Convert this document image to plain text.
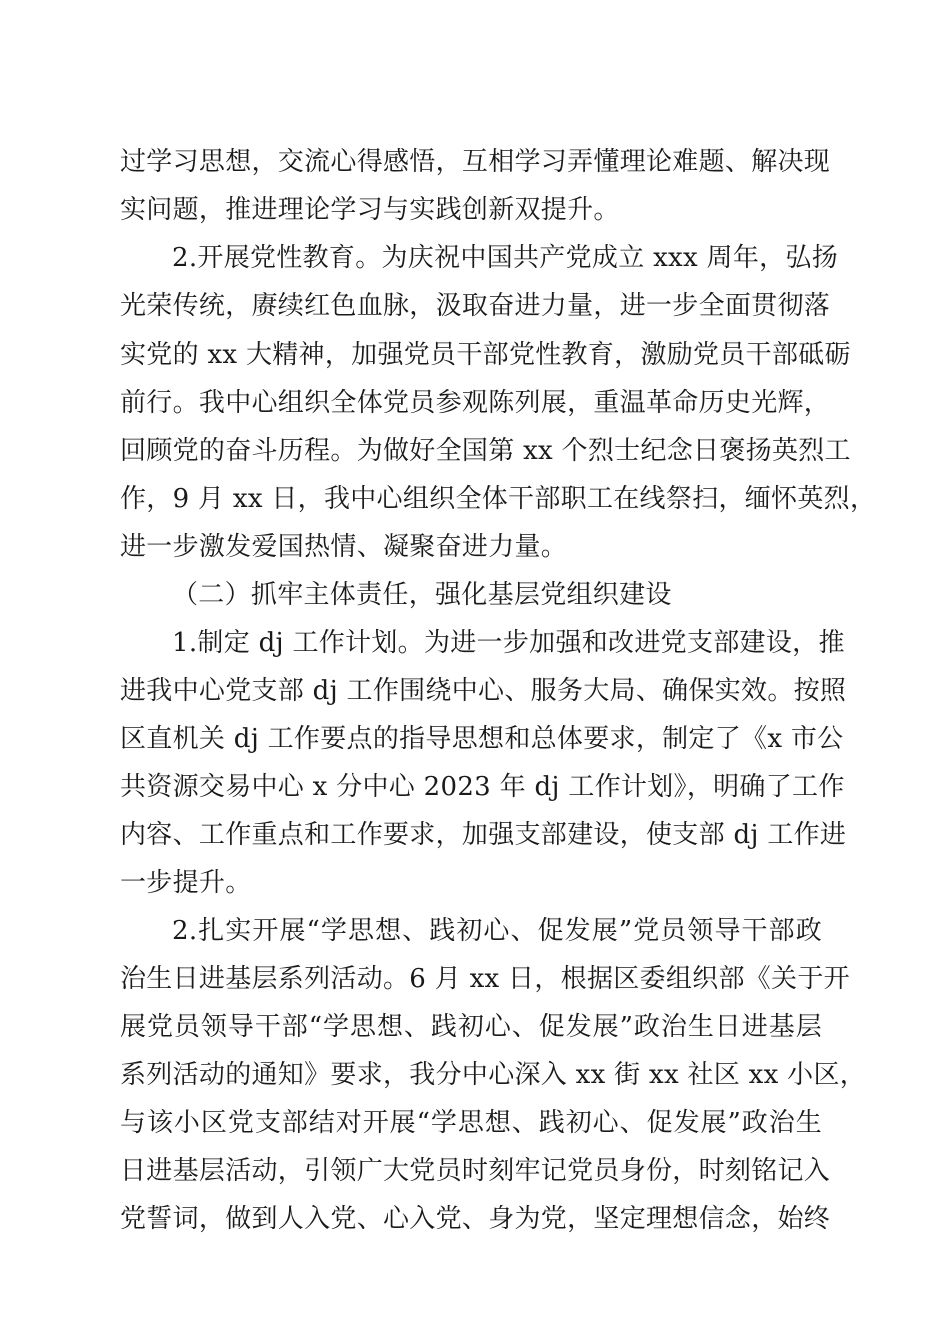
过学习思想，交流心得感悟，互相学习弄懂理论难题、解决现
实问题，推进理论学习与实践创新双提升。
2.开展党性教育。为庆祝中国共产党成立 xxx 周年，弘扬
光荣传统，赓续红色血脉，汲取奋进力量，进一步全面贯彻落
实党的 xx 大精神，加强党员干部党性教育，激励党员干部砥砺
前行。我中心组织全体党员参观陈列展，重温革命历史光辉，
回顾党的奋斗历程。为做好全国第 xx 个烈士纪念日褒扬英烈工
作，9 月 xx 日，我中心组织全体干部职工在线祭扫，缅怀英烈，
进一步激发爱国热情、凝聚奋进力量。
（二）抓牢主体责任，强化基层党组织建设
1.制定 dj 工作计划。为进一步加强和改进党支部建设，推
进我中心党支部 dj 工作围绕中心、服务大局、确保实效。按照
区直机关 dj 工作要点的指导思想和总体要求，制定了《x 市公
共资源交易中心 x 分中心 2023 年 dj 工作计划》，明确了工作
内容、工作重点和工作要求，加强支部建设，使支部 dj 工作进
一步提升。
2.扎实开展“学思想、践初心、促发展”党员领导干部政
治生日进基层系列活动。6 月 xx 日，根据区委组织部《关于开
展党员领导干部“学思想、践初心、促发展”政治生日进基层
系列活动的通知》要求，我分中心深入 xx 街 xx 社区 xx 小区，
与该小区党支部结对开展“学思想、践初心、促发展”政治生
日进基层活动，引领广大党员时刻牢记党员身份，时刻铭记入
党誓词，做到人入党、心入党、身为党，坚定理想信念，始终
